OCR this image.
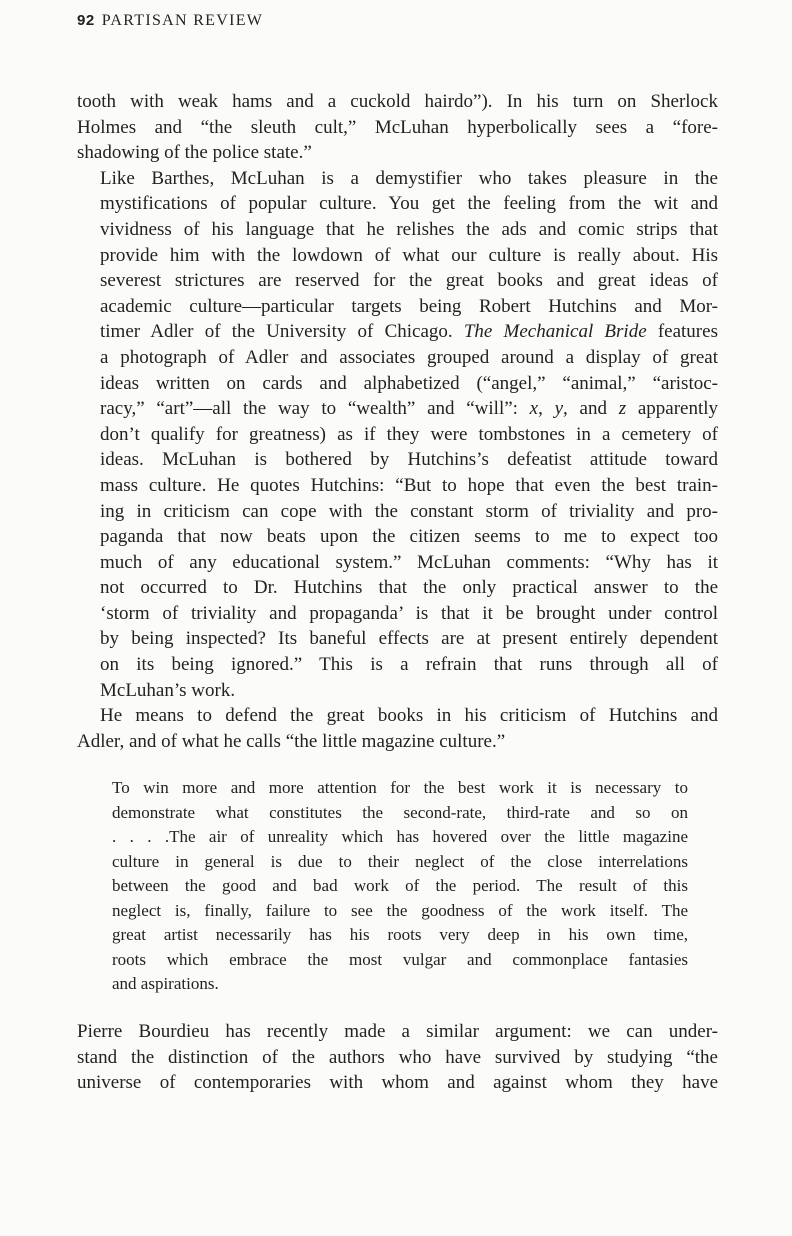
92 PARTISAN REVIEW

tooth with weak hams and a cuckold hairdo”). In his turn on Sherlock
Holmes and “the sleuth cult,” McLuhan hyperbolically sees a “fore-
shadowing of the police state.”

Like Barthes, McLuhan is a demystifier who takes pleasure in the
mystifications of popular culture. You get the feeling from the wit and
vividness of his language that he relishes the ads and comic strips that
provide him with the lowdown of what our culture is really about. His
severest strictures are reserved for the great books and great ideas of
academic culture—particular targets being Robert Hutchins and Mor-
timer Adler of the University of Chicago. The Mechanical Bride features
a photograph of Adler and associates grouped around a display of great
ideas written on cards and alphabetized (“angel,” “animal,” “aristoc-
racy,” “art”—all the way to “wealth” and “will”: x, y, and z apparently
don’t qualify for greatness) as if they were tombstones in a cemetery of
ideas. McLuhan is bothered by Hutchins’s defeatist attitude toward
mass culture. He quotes Hutchins: “But to hope that even the best train-
ing in criticism can cope with the constant storm of triviality and pro-
paganda that now beats upon the citizen seems to me to expect too
much of any educational system.” McLuhan comments: “Why has it
not occurred to Dr. Hutchins that the only practical answer to the
‘storm of triviality and propaganda’ is that it be brought under control
by being inspected? Its baneful effects are at present entirely dependent
on its being ignored.” This is a refrain that runs through all of
McLuhan’s work.

He means to defend the great books in his criticism of Hutchins and
Adler, and of what he calls “the little magazine culture.”

To win more and more attention for the best work it is necessary to
demonstrate what constitutes the second-rate, third-rate and so on
. . . .The air of unreality which has hovered over the little magazine
culture in general is due to their neglect of the close interrelations
between the good and bad work of the period. The result of this
neglect is, finally, failure to see the goodness of the work itself. The
great artist necessarily has his roots very deep in his own time,
roots which embrace the most vulgar and commonplace fantasies
and aspirations.

Pierre Bourdieu has recently made a similar argument: we can under-
stand the distinction of the authors who have survived by studying “the
universe of contemporaries with whom and against whom they have
